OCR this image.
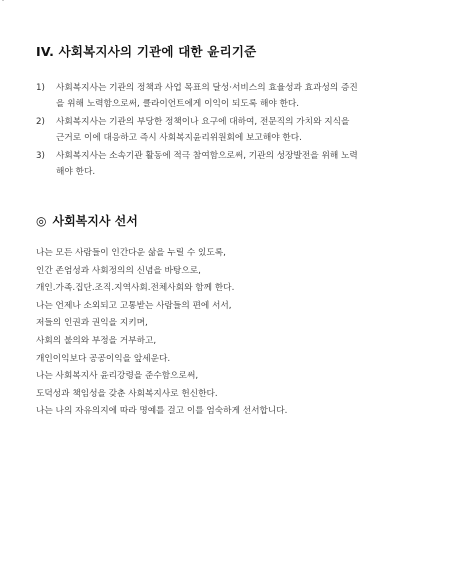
ˇ
IV. 사회복지사의 기관에 대한 윤리기준
1) 사회복지사는 기관의 정책과 사업 목표의 달성·서비스의 효율성과 효과성의 증진
을 위해 노력함으로써, 클라이언트에게 이익이 되도록 해야 한다.
2) 사회복지사는 기관의 부당한 정책이나 요구에 대하여, 전문직의 가치와 지식을
근거로 이에 대응하고 즉시 사회복지윤리위원회에 보고해야 한다.
3) 사회복지사는 소속기관 활동에 적극 참여함으로써, 기관의 성장발전을 위해 노력
해야 한다.
◎ 사회복지사 선서
나는 모든 사람들이 인간다운 삶을 누릴 수 있도록,
인간 존엄성과 사회정의의 신념을 바탕으로,
개인.가족.집단.조직.지역사회.전체사회와 함께 한다.
나는 언제나 소외되고 고통받는 사람들의 편에 서서,
저들의 인권과 권익을 지키며,
사회의 불의와 부정을 거부하고,
개인이익보다 공공이익을 앞세운다.
나는 사회복지사 윤리강령을 준수함으로써,
도덕성과 책임성을 갖춘 사회복지사로 헌신한다.
나는 나의 자유의지에 따라 명예를 걸고 이를 엄숙하게 선서합니다.
